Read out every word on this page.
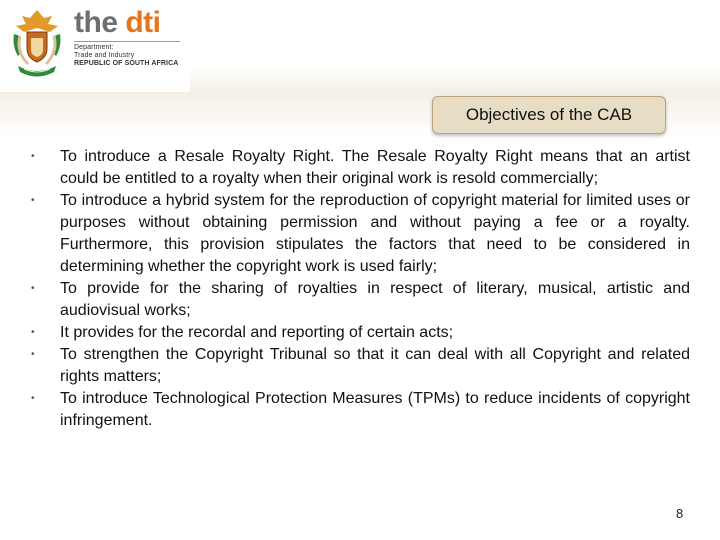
the dti
Department:
Trade and Industry
REPUBLIC OF SOUTH AFRICA
Objectives of the CAB
• To introduce a Resale Royalty Right. The Resale Royalty Right means that an artist could be entitled to a royalty when their original work is resold commercially;
• To introduce a hybrid system for the reproduction of copyright material for limited uses or purposes without obtaining permission and without paying a fee or a royalty. Furthermore, this provision stipulates the factors that need to be considered in determining whether the copyright work is used fairly;
• To provide for the sharing of royalties in respect of literary, musical, artistic and audiovisual works;
• It provides for the recordal and reporting of certain acts;
• To strengthen the Copyright Tribunal so that it can deal with all Copyright and related rights matters;
• To introduce Technological Protection Measures (TPMs) to reduce incidents of copyright infringement.
8
